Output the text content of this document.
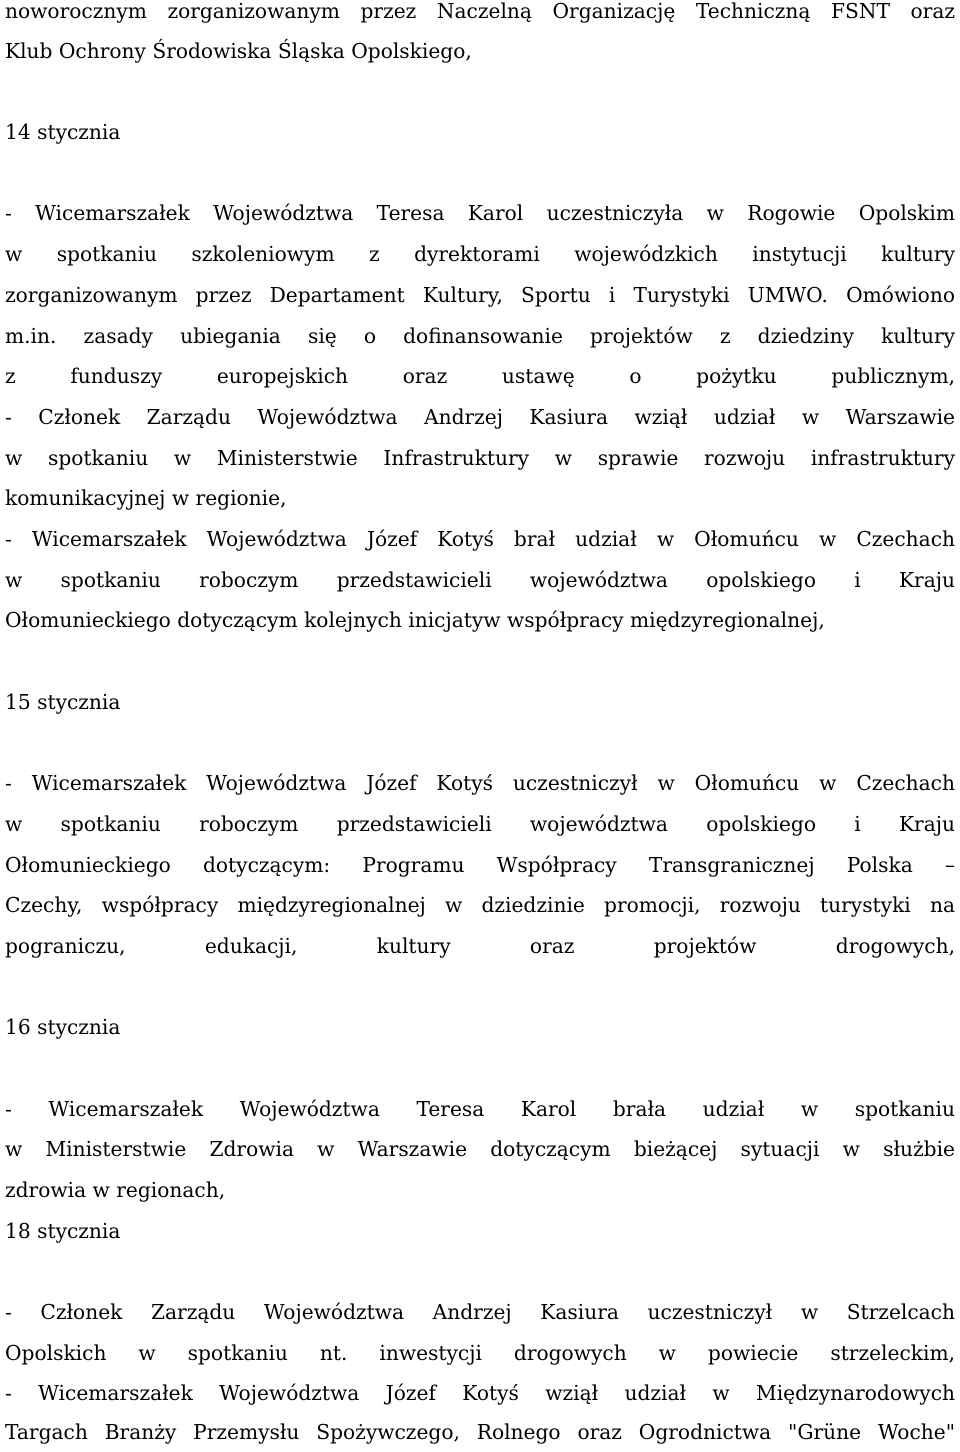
noworocznym zorganizowanym przez Naczelną Organizację Techniczną FSNT oraz
Klub Ochrony Środowiska Śląska Opolskiego,
14 stycznia
- Wicemarszałek Województwa Teresa Karol uczestniczyła w Rogowie Opolskim
w spotkaniu szkoleniowym z dyrektorami wojewódzkich instytucji kultury
zorganizowanym przez Departament Kultury, Sportu i Turystyki UMWO. Omówiono
m.in. zasady ubiegania się o dofinansowanie projektów z dziedziny kultury
z funduszy europejskich oraz ustawę o pożytku publicznym,
- Członek Zarządu Województwa Andrzej Kasiura wziął udział w Warszawie
w spotkaniu w Ministerstwie Infrastruktury w sprawie rozwoju infrastruktury
komunikacyjnej w regionie,
- Wicemarszałek Województwa Józef Kotyś brał udział w Ołomuńcu w Czechach
w spotkaniu roboczym przedstawicieli województwa opolskiego i Kraju
Ołomunieckiego dotyczącym kolejnych inicjatyw współpracy międzyregionalnej,
15 stycznia
- Wicemarszałek Województwa Józef Kotyś uczestniczył w Ołomuńcu w Czechach
w spotkaniu roboczym przedstawicieli województwa opolskiego i Kraju
Ołomunieckiego dotyczącym: Programu Współpracy Transgranicznej Polska –
Czechy, współpracy międzyregionalnej w dziedzinie promocji, rozwoju turystyki na
pograniczu, edukacji, kultury oraz projektów drogowych,
16 stycznia
- Wicemarszałek Województwa Teresa Karol brała udział w spotkaniu
w Ministerstwie Zdrowia w Warszawie dotyczącym bieżącej sytuacji w służbie
zdrowia w regionach,
18 stycznia
- Członek Zarządu Województwa Andrzej Kasiura uczestniczył w Strzelcach
Opolskich w spotkaniu nt. inwestycji drogowych w powiecie strzeleckim,
- Wicemarszałek Województwa Józef Kotyś wziął udział w Międzynarodowych
Targach Branży Przemysłu Spożywczego, Rolnego oraz Ogrodnictwa "Grüne Woche"
